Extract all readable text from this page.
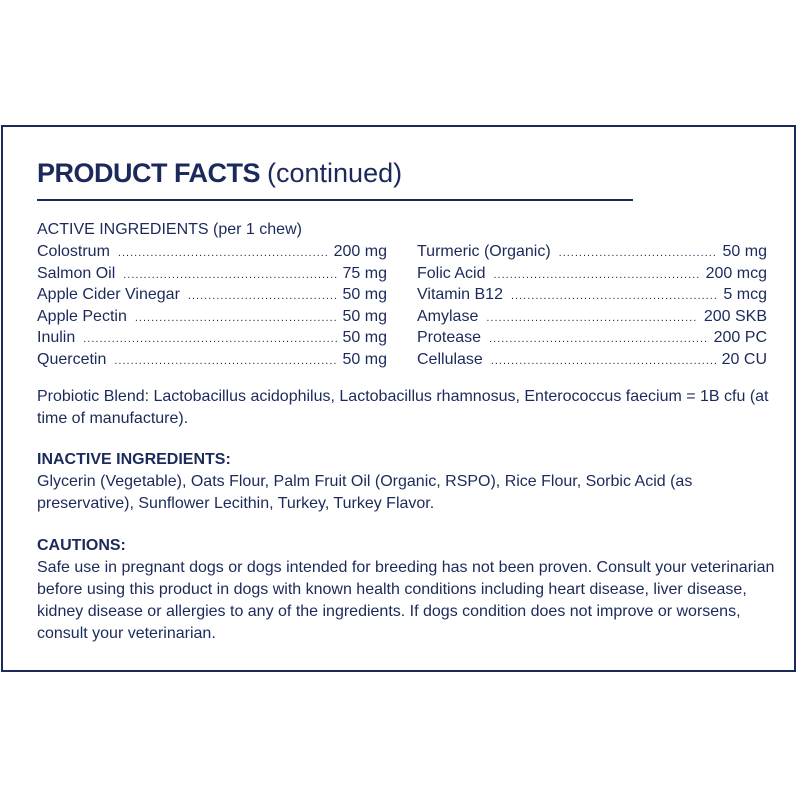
PRODUCT FACTS (continued)
ACTIVE INGREDIENTS (per 1 chew)
Colostrum .....	200 mg
Salmon Oil .....	75 mg
Apple Cider Vinegar .....	50 mg
Apple Pectin .....	50 mg
Inulin .....	50 mg
Quercetin .....	50 mg
Turmeric (Organic) .....	50 mg
Folic Acid .....	200 mcg
Vitamin B12 .....	5 mcg
Amylase .....	200 SKB
Protease .....	200 PC
Cellulase .....	20 CU

Probiotic Blend: Lactobacillus acidophilus, Lactobacillus rhamnosus, Enterococcus faecium = 1B cfu (at time of manufacture).

INACTIVE INGREDIENTS:

Glycerin (Vegetable), Oats Flour, Palm Fruit Oil (Organic, RSPO), Rice Flour, Sorbic Acid (as preservative), Sunflower Lecithin, Turkey, Turkey Flavor.

CAUTIONS:

Safe use in pregnant dogs or dogs intended for breeding has not been proven. Consult your veterinarian before using this product in dogs with known health conditions including heart disease, liver disease, kidney disease or allergies to any of the ingredients. If dogs condition does not improve or worsens, consult your veterinarian.
